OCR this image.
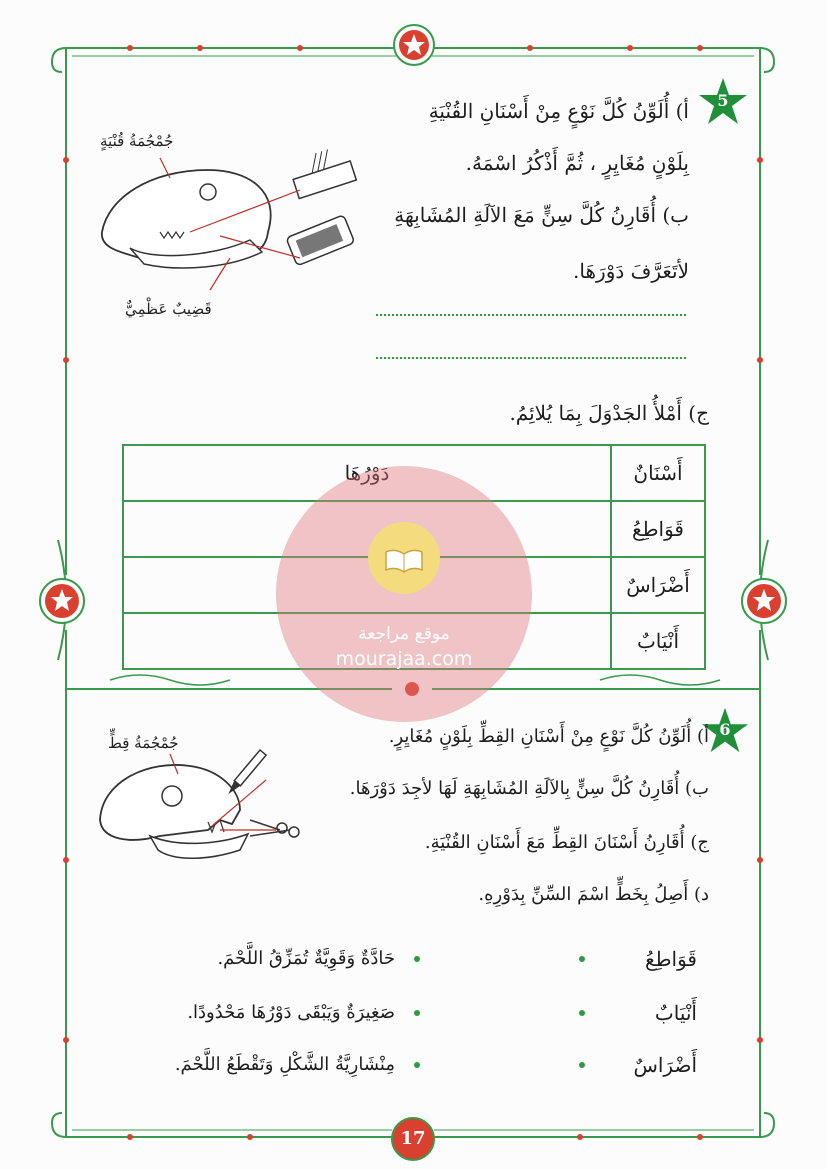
5
أ) أُلَوِّنُ كُلَّ نَوْعٍ مِنْ أَسْنَانِ القُنْيَةِ
بِلَوْنٍ مُغَايِرٍ ، ثُمَّ أَذْكُرُ اسْمَهُ.
ب) أُقَارِنُ كُلَّ سِنٍّ مَعَ الآلَةِ المُشَابِهَةِ
لأتَعَرَّفَ دَوْرَهَا.
جُمْجُمَةُ قُنْيَةٍ
قَضِيبٌ عَظْمِيٌّ
ج) أَمْلأُ الجَدْوَلَ بِمَا يُلائِمُ.
أَسْنَانٌ	دَوْرُهَا
قَوَاطِعُ	
أَضْرَاسٌ	
أَنْيَابٌ	
موقع مراجعة
mourajaa.com
6
أ) أُلَوِّنُ كُلَّ نَوْعٍ مِنْ أَسْنَانِ القِطِّ بِلَوْنٍ مُغَايِرٍ.
جُمْجُمَةُ قِطٍّ
ب) أُقَارِنُ كُلَّ سِنٍّ بِالآلَةِ المُشَابِهَةِ لَهَا لأجِدَ دَوْرَهَا.
ج) أُقَارِنُ أَسْنَانَ القِطِّ مَعَ أَسْنَانِ القُنْيَةِ.
د) أَصِلُ بِخَطٍّ اسْمَ السِّنِّ بِدَوْرِهِ.
قَوَاطِعُ
أَنْيَابٌ
أَضْرَاسٌ
حَادَّةٌ وَقَوِيَّةٌ تُمَزِّقُ اللَّحْمَ.
صَغِيرَةٌ وَيَبْقَى دَوْرُهَا مَحْدُودًا.
مِنْشَارِيَّةُ الشَّكْلِ وَتَقْطَعُ اللَّحْمَ.
17
